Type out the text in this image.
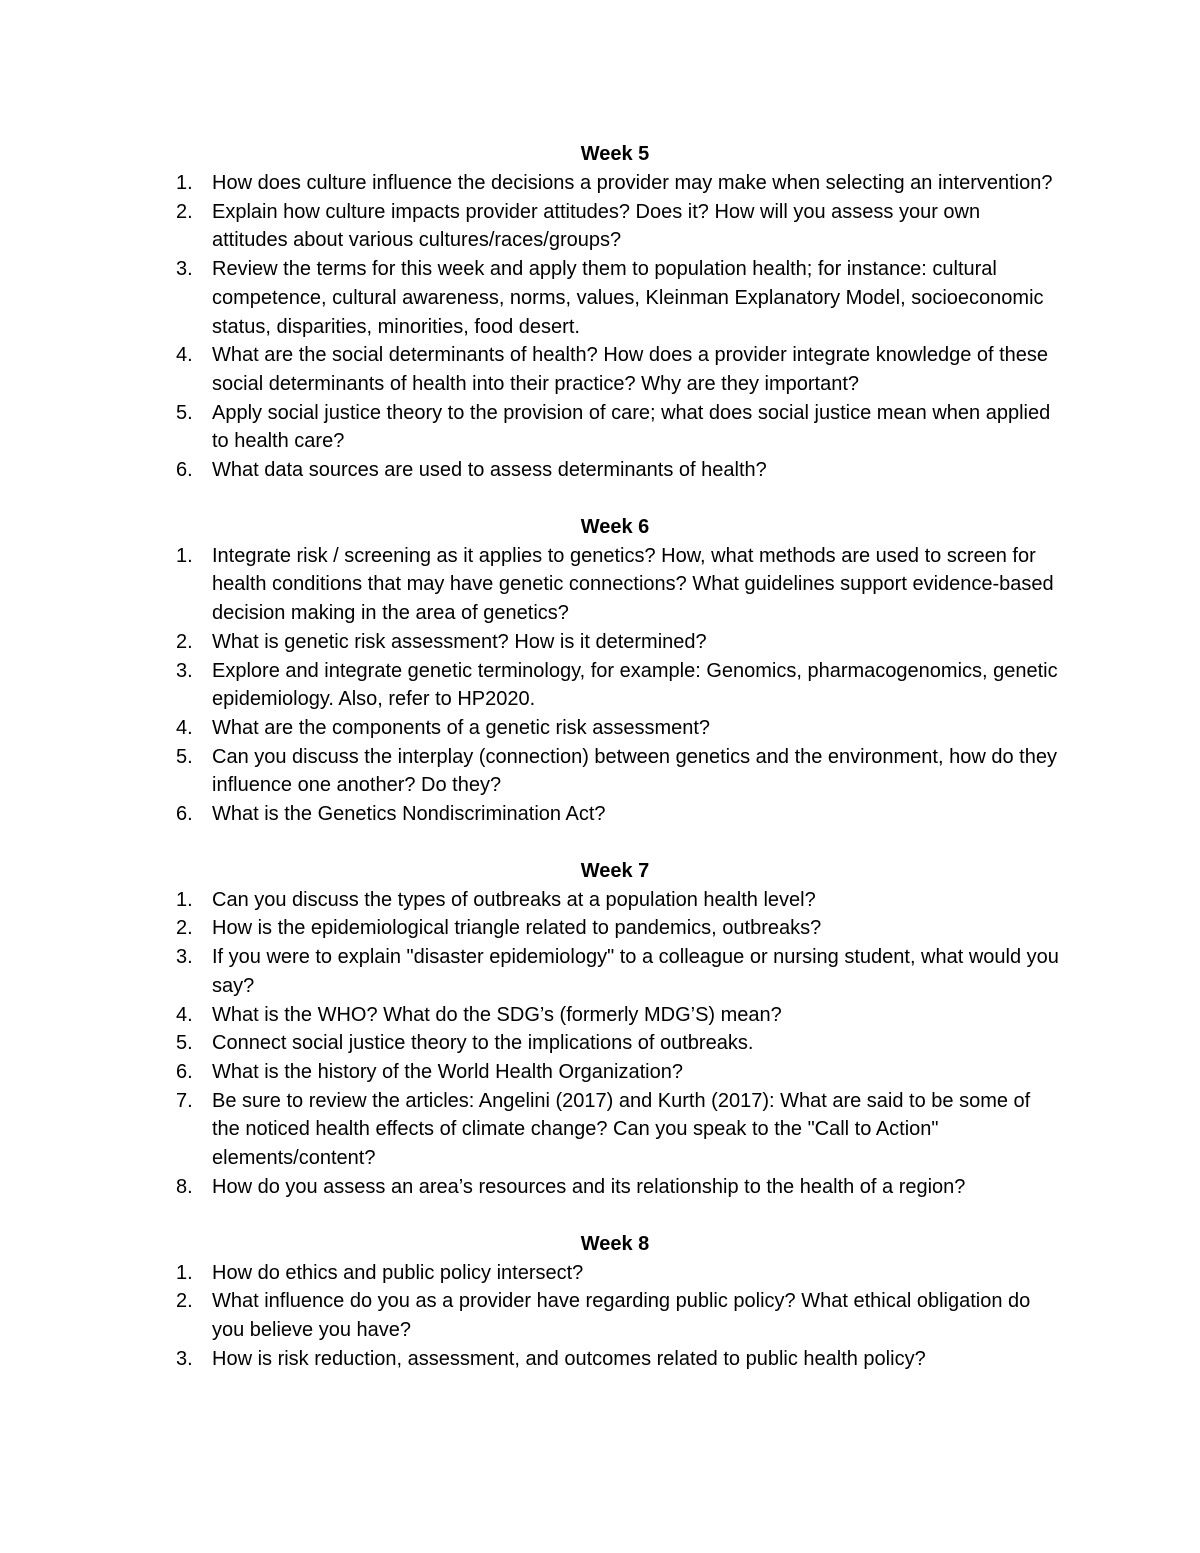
Week 5
1. How does culture influence the decisions a provider may make when selecting an intervention?
2. Explain how culture impacts provider attitudes? Does it? How will you assess your own attitudes about various cultures/races/groups?
3. Review the terms for this week and apply them to population health; for instance: cultural competence, cultural awareness, norms, values, Kleinman Explanatory Model, socioeconomic status, disparities, minorities, food desert.
4. What are the social determinants of health? How does a provider integrate knowledge of these social determinants of health into their practice? Why are they important?
5. Apply social justice theory to the provision of care; what does social justice mean when applied to health care?
6. What data sources are used to assess determinants of health?
Week 6
1. Integrate risk / screening as it applies to genetics? How, what methods are used to screen for health conditions that may have genetic connections? What guidelines support evidence-based decision making in the area of genetics?
2. What is genetic risk assessment? How is it determined?
3. Explore and integrate genetic terminology, for example: Genomics, pharmacogenomics, genetic epidemiology. Also, refer to HP2020.
4. What are the components of a genetic risk assessment?
5. Can you discuss the interplay (connection) between genetics and the environment, how do they influence one another? Do they?
6. What is the Genetics Nondiscrimination Act?
Week 7
1. Can you discuss the types of outbreaks at a population health level?
2. How is the epidemiological triangle related to pandemics, outbreaks?
3. If you were to explain "disaster epidemiology" to a colleague or nursing student, what would you say?
4. What is the WHO? What do the SDG’s (formerly MDG’S) mean?
5. Connect social justice theory to the implications of outbreaks.
6. What is the history of the World Health Organization?
7. Be sure to review the articles: Angelini (2017) and Kurth (2017): What are said to be some of the noticed health effects of climate change? Can you speak to the "Call to Action" elements/content?
8. How do you assess an area’s resources and its relationship to the health of a region?
Week 8
1. How do ethics and public policy intersect?
2. What influence do you as a provider have regarding public policy? What ethical obligation do you believe you have?
3. How is risk reduction, assessment, and outcomes related to public health policy?
